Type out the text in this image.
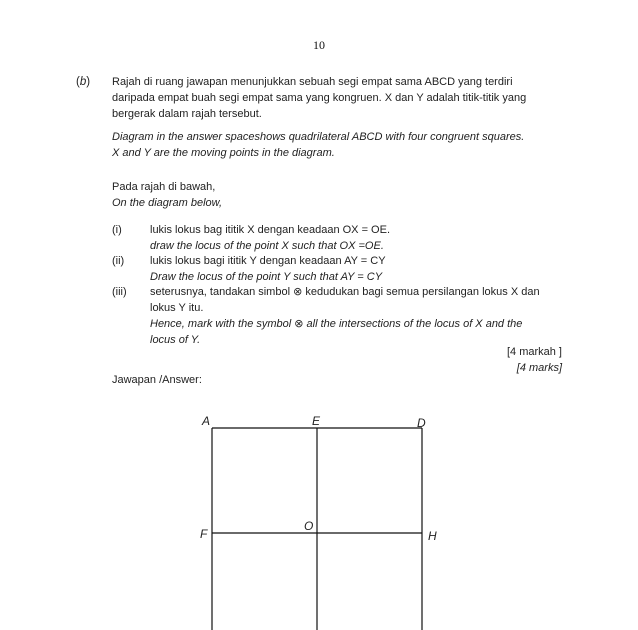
10
(b) Rajah di ruang jawapan menunjukkan sebuah segi empat sama ABCD yang terdiri
daripada empat buah segi empat sama yang kongruen. X dan Y adalah titik-titik yang
bergerak dalam rajah tersebut.
Diagram in the answer spaceshows quadrilateral ABCD with four congruent squares.
X and Y are the moving points in the diagram.
Pada rajah di bawah,
On the diagram below,
(i)	lukis lokus bag ititik X dengan keadaan OX = OE.
draw the locus of the point X such that OX =OE.
(ii) lukis lokus bagi ititik Y dengan keadaan AY = CY
Draw the locus of the point Y such that AY = CY
(iii) seterusnya, tandakan simbol ⊗ kedudukan bagi semua persilangan lokus X dan
lokus Y itu.
Hence, mark with the symbol ⊗ all the intersections of the locus of X and the
locus of Y.
[4 markah ]
[4 marks]
Jawapan /Answer:
A	E	D
F
O
H
